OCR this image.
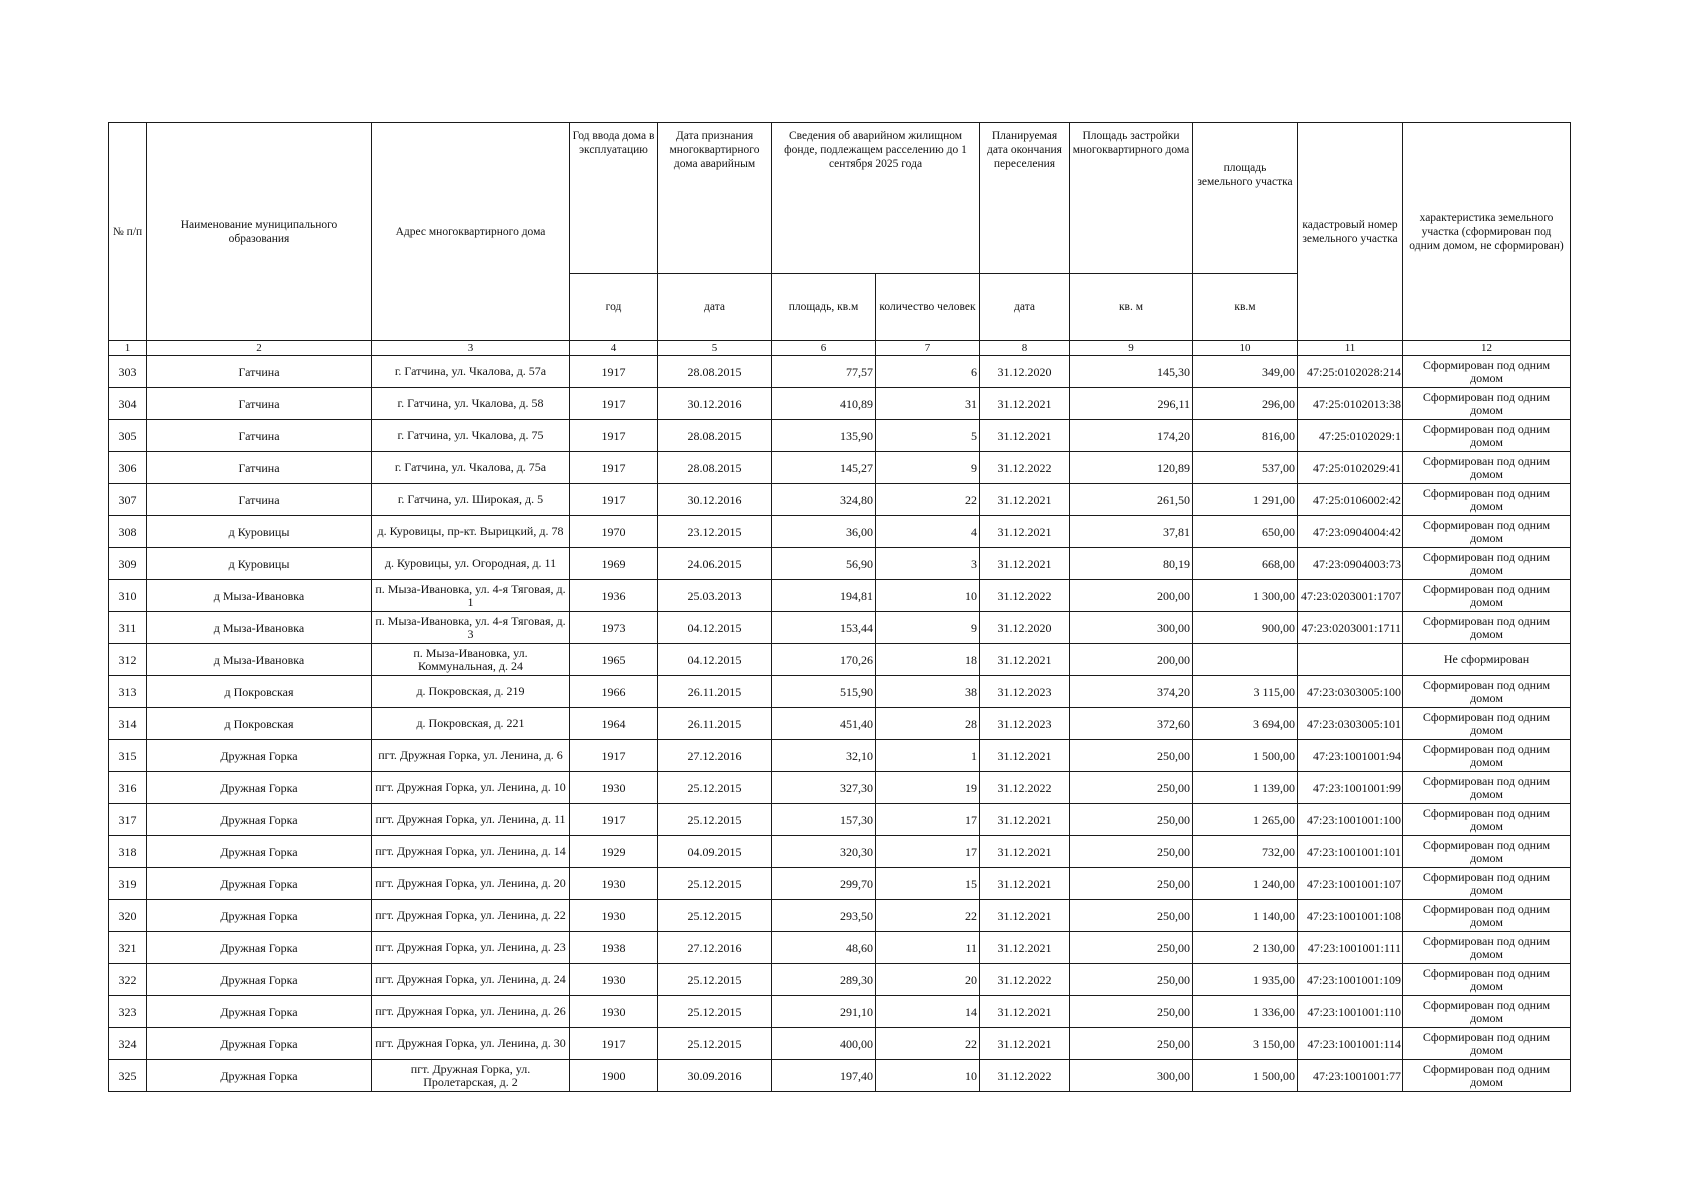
№ п/п	Наименование муниципального образования	Адрес многоквартирного дома	Год ввода дома в эксплуатацию	Дата признания многоквартирного дома аварийным	Сведения об аварийном жилищном фонде, подлежащем расселению до 1 сентября 2025 года		Планируемая дата окончания переселения	Площадь застройки многоквартирного дома	площадь земельного участка	кадастровый номер земельного участка	характеристика земельного участка (сформирован под одним домом, не сформирован)
			год	дата	площадь, кв.м	количество человек	дата	кв. м	кв.м		
1	2	3	4	5	6	7	8	9	10	11	12
303	Гатчина	г. Гатчина, ул. Чкалова, д. 57а	1917	28.08.2015	77,57	6	31.12.2020	145,30	349,00	47:25:0102028:214	Сформирован под одним домом
304	Гатчина	г. Гатчина, ул. Чкалова, д. 58	1917	30.12.2016	410,89	31	31.12.2021	296,11	296,00	47:25:0102013:38	Сформирован под одним домом
305	Гатчина	г. Гатчина, ул. Чкалова, д. 75	1917	28.08.2015	135,90	5	31.12.2021	174,20	816,00	47:25:0102029:1	Сформирован под одним домом
306	Гатчина	г. Гатчина, ул. Чкалова, д. 75а	1917	28.08.2015	145,27	9	31.12.2022	120,89	537,00	47:25:0102029:41	Сформирован под одним домом
307	Гатчина	г. Гатчина, ул. Широкая, д. 5	1917	30.12.2016	324,80	22	31.12.2021	261,50	1 291,00	47:25:0106002:42	Сформирован под одним домом
308	д Куровицы	д. Куровицы, пр-кт. Вырицкий, д. 78	1970	23.12.2015	36,00	4	31.12.2021	37,81	650,00	47:23:0904004:42	Сформирован под одним домом
309	д Куровицы	д. Куровицы, ул. Огородная, д. 11	1969	24.06.2015	56,90	3	31.12.2021	80,19	668,00	47:23:0904003:73	Сформирован под одним домом
310	д Мыза-Ивановка	п. Мыза-Ивановка, ул. 4-я Тяговая, д. 1	1936	25.03.2013	194,81	10	31.12.2022	200,00	1 300,00	47:23:0203001:1707	Сформирован под одним домом
311	д Мыза-Ивановка	п. Мыза-Ивановка, ул. 4-я Тяговая, д. 3	1973	04.12.2015	153,44	9	31.12.2020	300,00	900,00	47:23:0203001:1711	Сформирован под одним домом
312	д Мыза-Ивановка	п. Мыза-Ивановка, ул. Коммунальная, д. 24	1965	04.12.2015	170,26	18	31.12.2021	200,00			Не сформирован
313	д Покровская	д. Покровская, д. 219	1966	26.11.2015	515,90	38	31.12.2023	374,20	3 115,00	47:23:0303005:100	Сформирован под одним домом
314	д Покровская	д. Покровская, д. 221	1964	26.11.2015	451,40	28	31.12.2023	372,60	3 694,00	47:23:0303005:101	Сформирован под одним домом
315	Дружная Горка	пгт. Дружная Горка, ул. Ленина, д. 6	1917	27.12.2016	32,10	1	31.12.2021	250,00	1 500,00	47:23:1001001:94	Сформирован под одним домом
316	Дружная Горка	пгт. Дружная Горка, ул. Ленина, д. 10	1930	25.12.2015	327,30	19	31.12.2022	250,00	1 139,00	47:23:1001001:99	Сформирован под одним домом
317	Дружная Горка	пгт. Дружная Горка, ул. Ленина, д. 11	1917	25.12.2015	157,30	17	31.12.2021	250,00	1 265,00	47:23:1001001:100	Сформирован под одним домом
318	Дружная Горка	пгт. Дружная Горка, ул. Ленина, д. 14	1929	04.09.2015	320,30	17	31.12.2021	250,00	732,00	47:23:1001001:101	Сформирован под одним домом
319	Дружная Горка	пгт. Дружная Горка, ул. Ленина, д. 20	1930	25.12.2015	299,70	15	31.12.2021	250,00	1 240,00	47:23:1001001:107	Сформирован под одним домом
320	Дружная Горка	пгт. Дружная Горка, ул. Ленина, д. 22	1930	25.12.2015	293,50	22	31.12.2021	250,00	1 140,00	47:23:1001001:108	Сформирован под одним домом
321	Дружная Горка	пгт. Дружная Горка, ул. Ленина, д. 23	1938	27.12.2016	48,60	11	31.12.2021	250,00	2 130,00	47:23:1001001:111	Сформирован под одним домом
322	Дружная Горка	пгт. Дружная Горка, ул. Ленина, д. 24	1930	25.12.2015	289,30	20	31.12.2022	250,00	1 935,00	47:23:1001001:109	Сформирован под одним домом
323	Дружная Горка	пгт. Дружная Горка, ул. Ленина, д. 26	1930	25.12.2015	291,10	14	31.12.2021	250,00	1 336,00	47:23:1001001:110	Сформирован под одним домом
324	Дружная Горка	пгт. Дружная Горка, ул. Ленина, д. 30	1917	25.12.2015	400,00	22	31.12.2021	250,00	3 150,00	47:23:1001001:114	Сформирован под одним домом
325	Дружная Горка	пгт. Дружная Горка, ул. Пролетарская, д. 2	1900	30.09.2016	197,40	10	31.12.2022	300,00	1 500,00	47:23:1001001:77	Сформирован под одним домом
